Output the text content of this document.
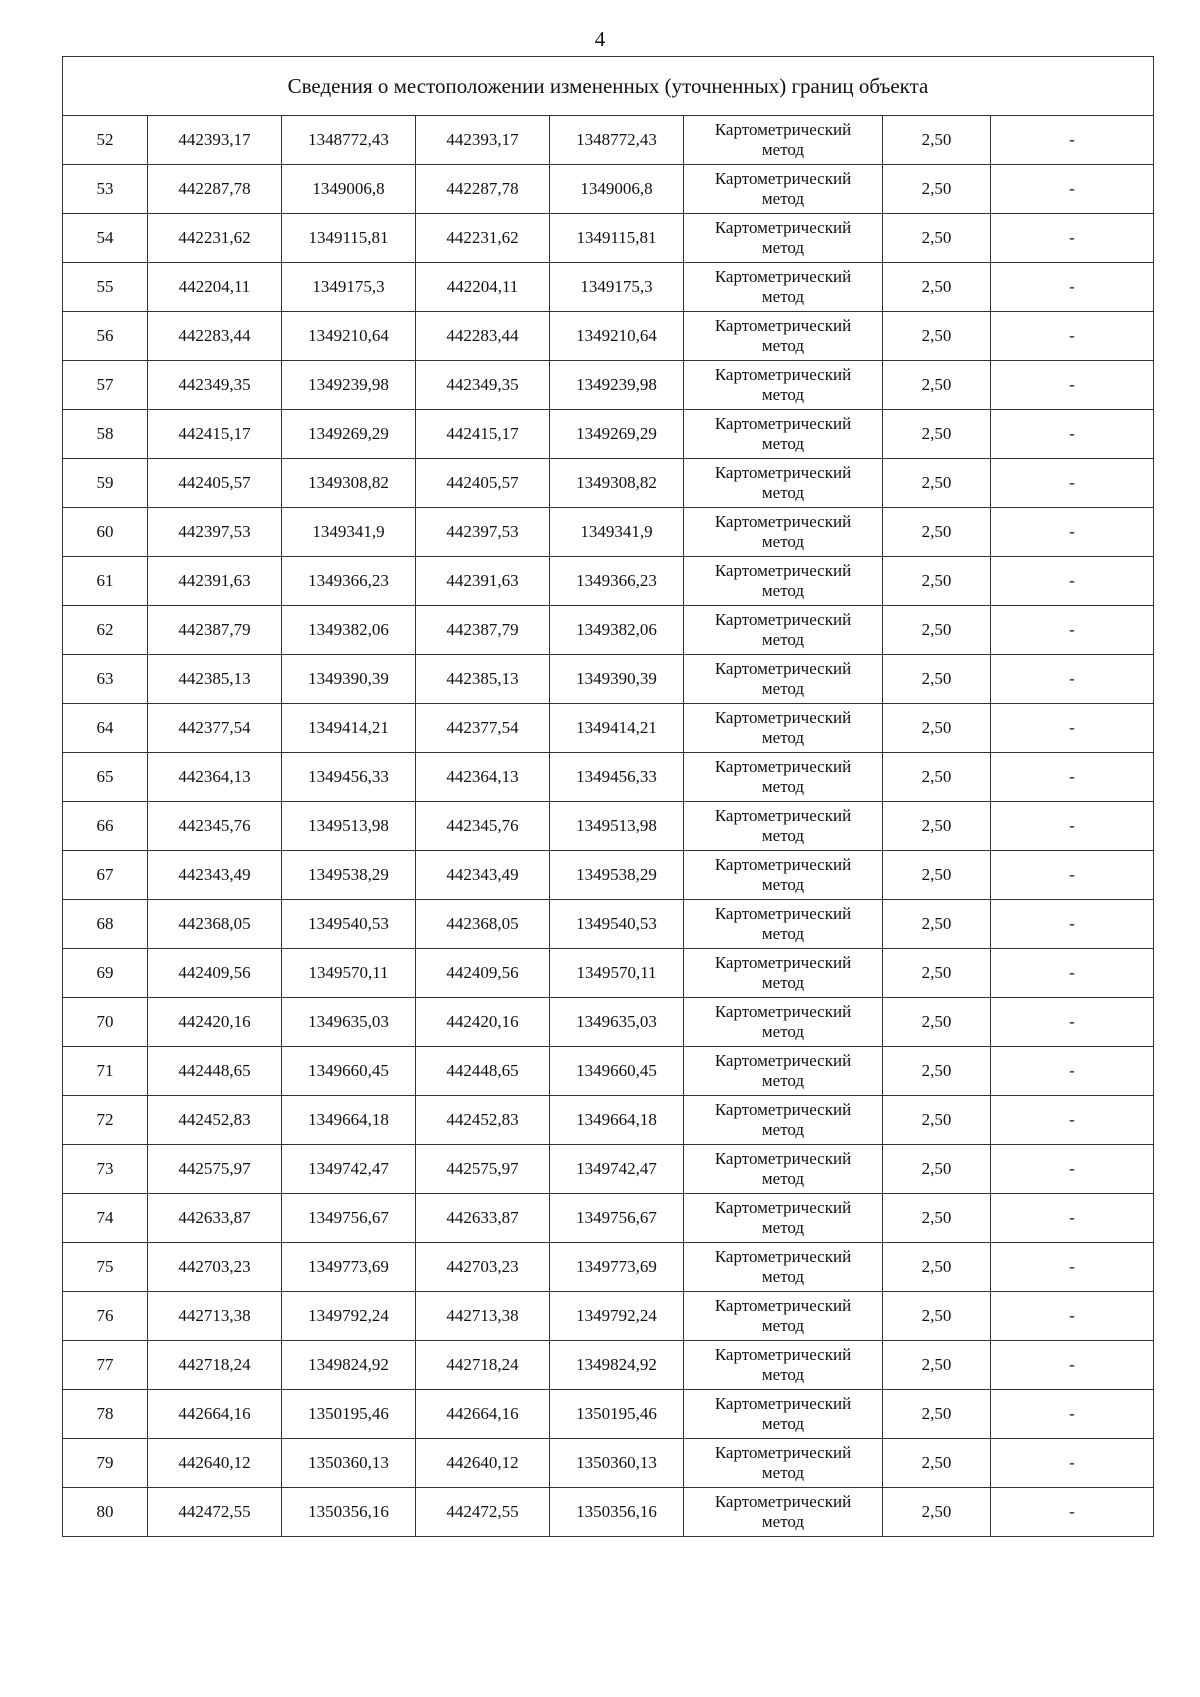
4
Сведения о местоположении измененных (уточненных) границ объекта							
52	442393,17	1348772,43	442393,17	1348772,43	Картометрический
метод	2,50	-
53	442287,78	1349006,8	442287,78	1349006,8	Картометрический
метод	2,50	-
54	442231,62	1349115,81	442231,62	1349115,81	Картометрический
метод	2,50	-
55	442204,11	1349175,3	442204,11	1349175,3	Картометрический
метод	2,50	-
56	442283,44	1349210,64	442283,44	1349210,64	Картометрический
метод	2,50	-
57	442349,35	1349239,98	442349,35	1349239,98	Картометрический
метод	2,50	-
58	442415,17	1349269,29	442415,17	1349269,29	Картометрический
метод	2,50	-
59	442405,57	1349308,82	442405,57	1349308,82	Картометрический
метод	2,50	-
60	442397,53	1349341,9	442397,53	1349341,9	Картометрический
метод	2,50	-
61	442391,63	1349366,23	442391,63	1349366,23	Картометрический
метод	2,50	-
62	442387,79	1349382,06	442387,79	1349382,06	Картометрический
метод	2,50	-
63	442385,13	1349390,39	442385,13	1349390,39	Картометрический
метод	2,50	-
64	442377,54	1349414,21	442377,54	1349414,21	Картометрический
метод	2,50	-
65	442364,13	1349456,33	442364,13	1349456,33	Картометрический
метод	2,50	-
66	442345,76	1349513,98	442345,76	1349513,98	Картометрический
метод	2,50	-
67	442343,49	1349538,29	442343,49	1349538,29	Картометрический
метод	2,50	-
68	442368,05	1349540,53	442368,05	1349540,53	Картометрический
метод	2,50	-
69	442409,56	1349570,11	442409,56	1349570,11	Картометрический
метод	2,50	-
70	442420,16	1349635,03	442420,16	1349635,03	Картометрический
метод	2,50	-
71	442448,65	1349660,45	442448,65	1349660,45	Картометрический
метод	2,50	-
72	442452,83	1349664,18	442452,83	1349664,18	Картометрический
метод	2,50	-
73	442575,97	1349742,47	442575,97	1349742,47	Картометрический
метод	2,50	-
74	442633,87	1349756,67	442633,87	1349756,67	Картометрический
метод	2,50	-
75	442703,23	1349773,69	442703,23	1349773,69	Картометрический
метод	2,50	-
76	442713,38	1349792,24	442713,38	1349792,24	Картометрический
метод	2,50	-
77	442718,24	1349824,92	442718,24	1349824,92	Картометрический
метод	2,50	-
78	442664,16	1350195,46	442664,16	1350195,46	Картометрический
метод	2,50	-
79	442640,12	1350360,13	442640,12	1350360,13	Картометрический
метод	2,50	-
80	442472,55	1350356,16	442472,55	1350356,16	Картометрический
метод	2,50	-
